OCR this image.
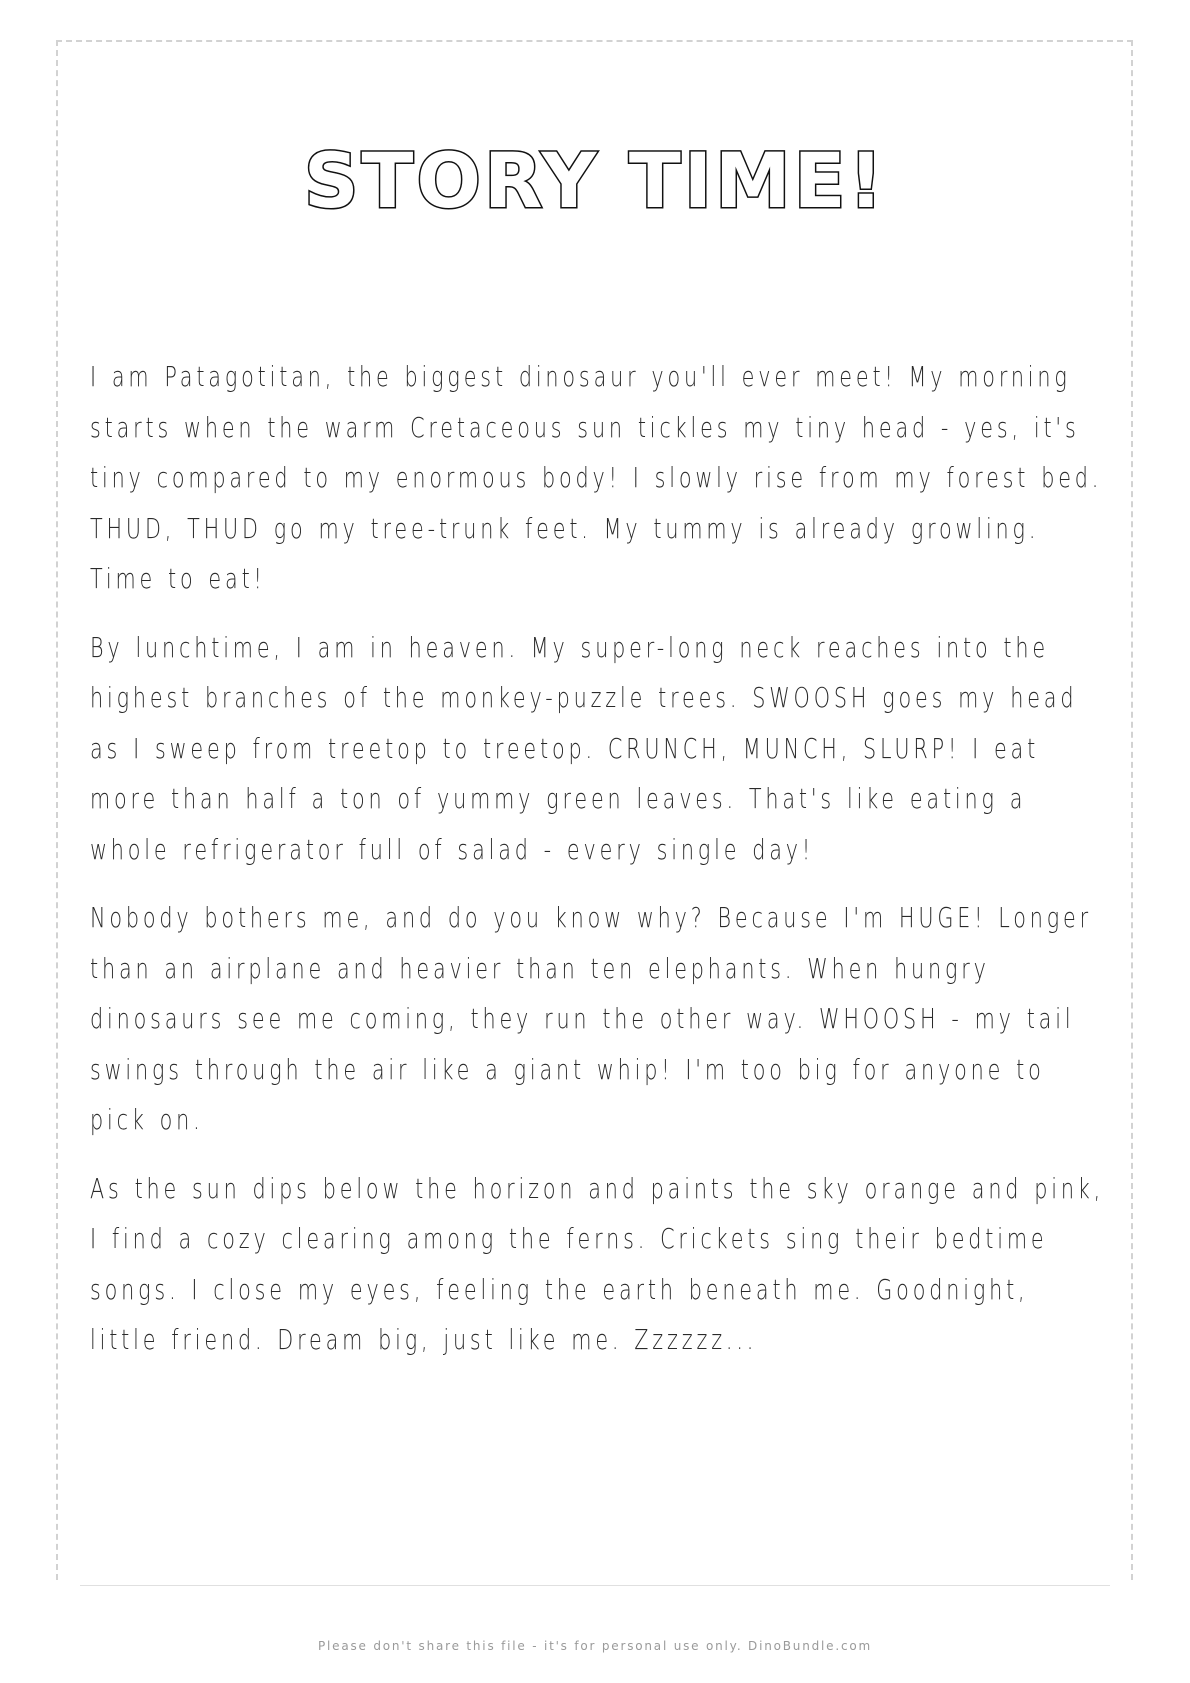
STORY TIME!

I am Patagotitan, the biggest dinosaur you'll ever meet! My morning starts when the warm Cretaceous sun tickles my tiny head - yes, it's tiny compared to my enormous body! I slowly rise from my forest bed. THUD, THUD go my tree-trunk feet. My tummy is already growling. Time to eat!

By lunchtime, I am in heaven. My super-long neck reaches into the highest branches of the monkey-puzzle trees. SWOOSH goes my head as I sweep from treetop to treetop. CRUNCH, MUNCH, SLURP! I eat more than half a ton of yummy green leaves. That's like eating a whole refrigerator full of salad - every single day!

Nobody bothers me, and do you know why? Because I'm HUGE! Longer than an airplane and heavier than ten elephants. When hungry dinosaurs see me coming, they run the other way. WHOOSH - my tail swings through the air like a giant whip! I'm too big for anyone to pick on.

As the sun dips below the horizon and paints the sky orange and pink, I find a cozy clearing among the ferns. Crickets sing their bedtime songs. I close my eyes, feeling the earth beneath me. Goodnight, little friend. Dream big, just like me. Zzzzzz...

Please don't share this file - it's for personal use only. DinoBundle.com
